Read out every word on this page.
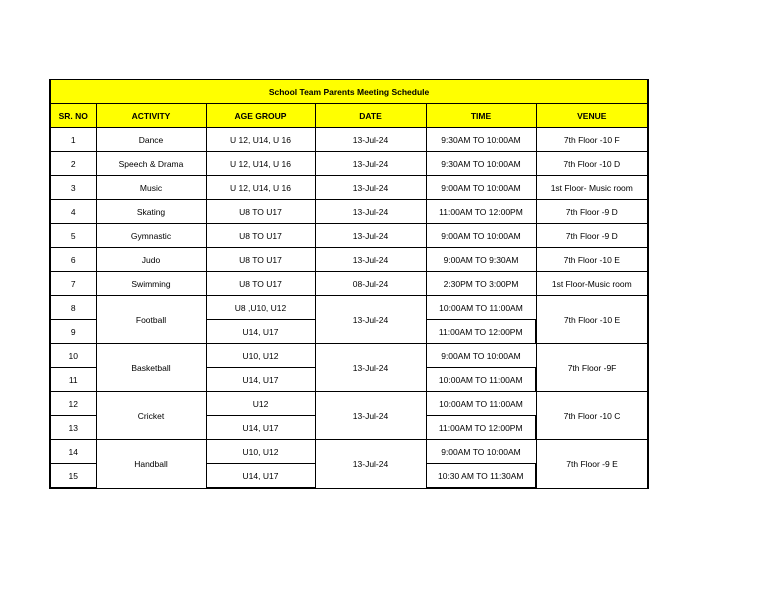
School Team Parents Meeting Schedule					
SR. NO	ACTIVITY	AGE GROUP	DATE	TIME	VENUE
1	Dance	U 12, U14, U 16	13-Jul-24	9:30AM TO 10:00AM	7th Floor -10 F
2	Speech & Drama	U 12, U14, U 16	13-Jul-24	9:30AM TO 10:00AM	7th Floor -10 D
3	Music	U 12, U14, U 16	13-Jul-24	9:00AM TO 10:00AM	1st Floor- Music room
4	Skating	U8 TO U17	13-Jul-24	11:00AM TO 12:00PM	7th Floor -9 D
5	Gymnastic	U8 TO U17	13-Jul-24	9:00AM TO 10:00AM	7th Floor -9 D
6	Judo	U8 TO U17	13-Jul-24	9:00AM TO 9:30AM	7th Floor -10 E
7	Swimming	U8 TO U17	08-Jul-24	2:30PM TO 3:00PM	1st Floor-Music room
8	Football	U8 ,U10, U12	13-Jul-24	10:00AM TO 11:00AM	7th Floor -10 E
9		U14, U17		11:00AM TO 12:00PM	
10	Basketball	U10, U12	13-Jul-24	9:00AM TO 10:00AM	7th Floor -9F
11		U14, U17		10:00AM TO 11:00AM	
12	Cricket	U12	13-Jul-24	10:00AM TO 11:00AM	7th Floor -10 C
13		U14, U17		11:00AM TO 12:00PM	
14	Handball	U10, U12	13-Jul-24	9:00AM TO 10:00AM	7th Floor -9 E
15		U14, U17		10:30 AM TO 11:30AM	
